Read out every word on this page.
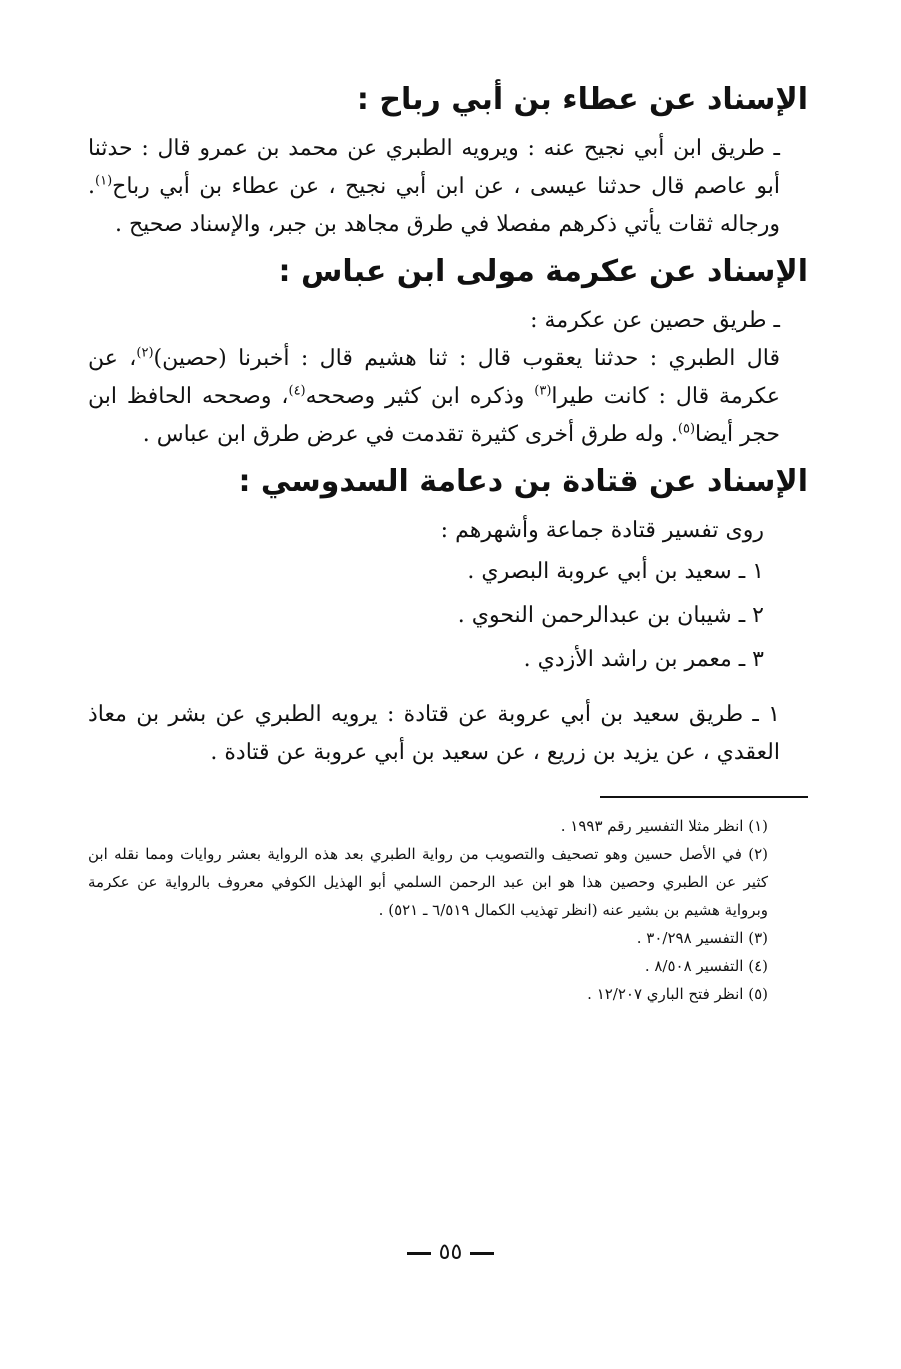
الإسناد عن عطاء بن أبي رباح :

ـ طريق ابن أبي نجيح عنه : ويرويه الطبري عن محمد بن عمرو قال : حدثنا أبو عاصم قال حدثنا عيسى ، عن ابن أبي نجيح ، عن عطاء بن أبي رباح$^{(١)}$. ورجاله ثقات يأتي ذكرهم مفصلا في طرق مجاهد بن جبر، والإسناد صحيح .

الإسناد عن عكرمة مولى ابن عباس :

ـ طريق حصين عن عكرمة :

قال الطبري : حدثنا يعقوب قال : ثنا هشيم قال : أخبرنا (حصين)$^{(٢)}$، عن عكرمة قال : كانت طيرا$^{(٣)}$ وذكره ابن كثير وصححه$^{(٤)}$، وصححه الحافظ ابن حجر أيضا$^{(٥)}$. وله طرق أخرى كثيرة تقدمت في عرض طرق ابن عباس .

الإسناد عن قتادة بن دعامة السدوسي :

روى تفسير قتادة جماعة وأشهرهم :

١ ـ سعيد بن أبي عروبة البصري .
٢ ـ شيبان بن عبدالرحمن النحوي .
٣ ـ معمر بن راشد الأزدي .

١ ـ طريق سعيد بن أبي عروبة عن قتادة : يرويه الطبري عن بشر بن معاذ العقدي ، عن يزيد بن زريع ، عن سعيد بن أبي عروبة عن قتادة .

(١) انظر مثلا التفسير رقم ١٩٩٣ .

(٢) في الأصل حسين وهو تصحيف والتصويب من رواية الطبري بعد هذه الرواية بعشر روايات ومما نقله ابن كثير عن الطبري وحصين هذا هو ابن عبد الرحمن السلمي أبو الهذيل الكوفي معروف بالرواية عن عكرمة وبرواية هشيم بن بشير عنه (انظر تهذيب الكمال ٦/٥١٩ ـ ٥٢١) .

(٣) التفسير ٣٠/٢٩٨ .

(٤) التفسير ٨/٥٠٨ .

(٥) انظر فتح الباري ١٢/٢٠٧ .

٥٥
